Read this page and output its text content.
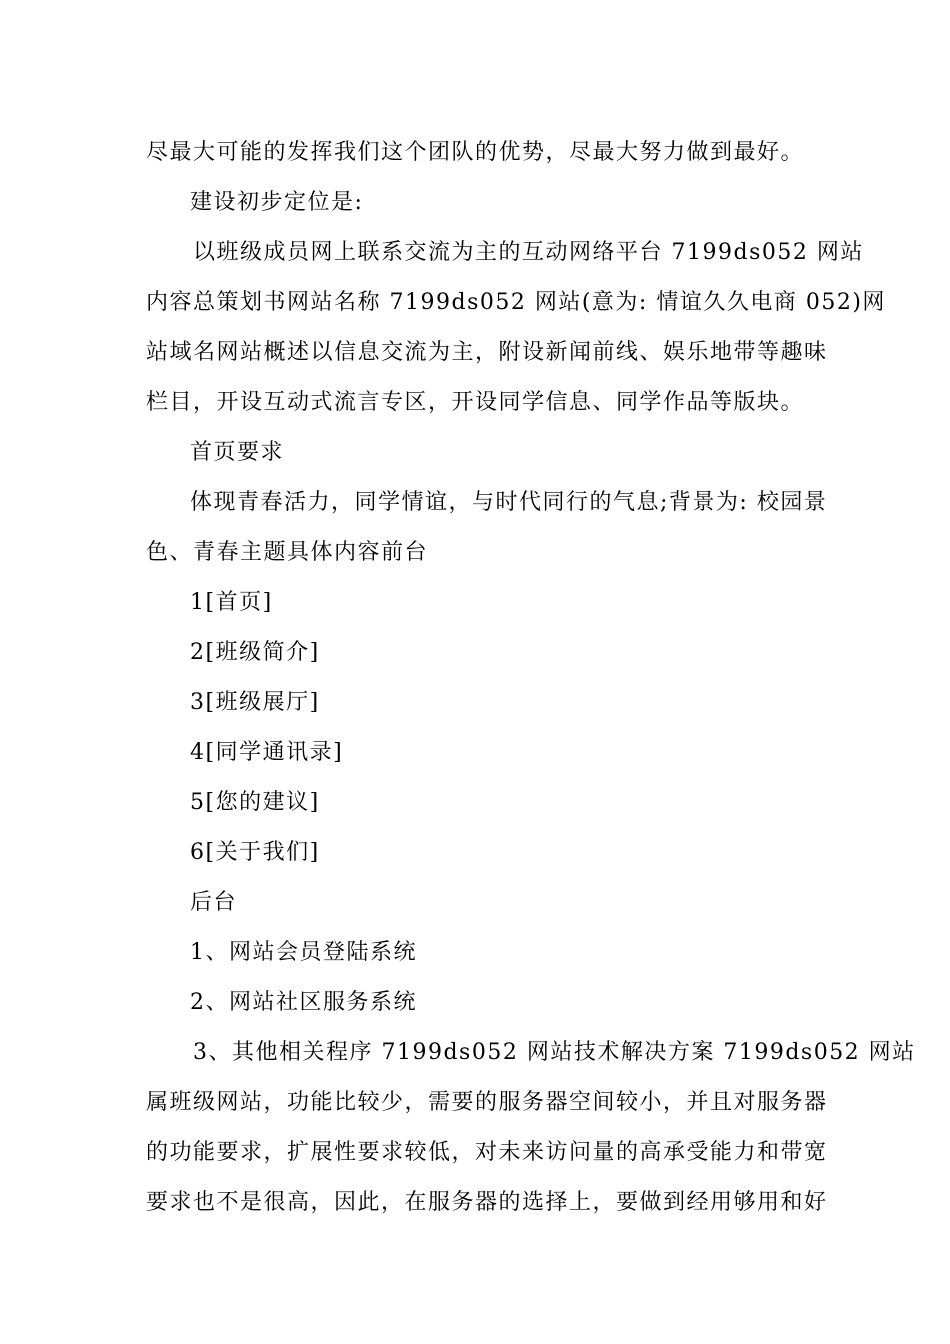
尽最大可能的发挥我们这个团队的优势，尽最大努力做到最好。
建设初步定位是:
以班级成员网上联系交流为主的互动网络平台 7199ds052 网站
内容总策划书网站名称 7199ds052 网站(意为: 情谊久久电商 052)网
站域名网站概述以信息交流为主，附设新闻前线、娱乐地带等趣味
栏目，开设互动式流言专区，开设同学信息、同学作品等版块。
首页要求
体现青春活力，同学情谊，与时代同行的气息;背景为: 校园景
色、青春主题具体内容前台
1[首页]
2[班级简介]
3[班级展厅]
4[同学通讯录]
5[您的建议]
6[关于我们]
后台
1、网站会员登陆系统
2、网站社区服务系统
3、其他相关程序 7199ds052 网站技术解决方案 7199ds052 网站
属班级网站，功能比较少，需要的服务器空间较小，并且对服务器
的功能要求，扩展性要求较低，对未来访问量的高承受能力和带宽
要求也不是很高，因此，在服务器的选择上，要做到经用够用和好
